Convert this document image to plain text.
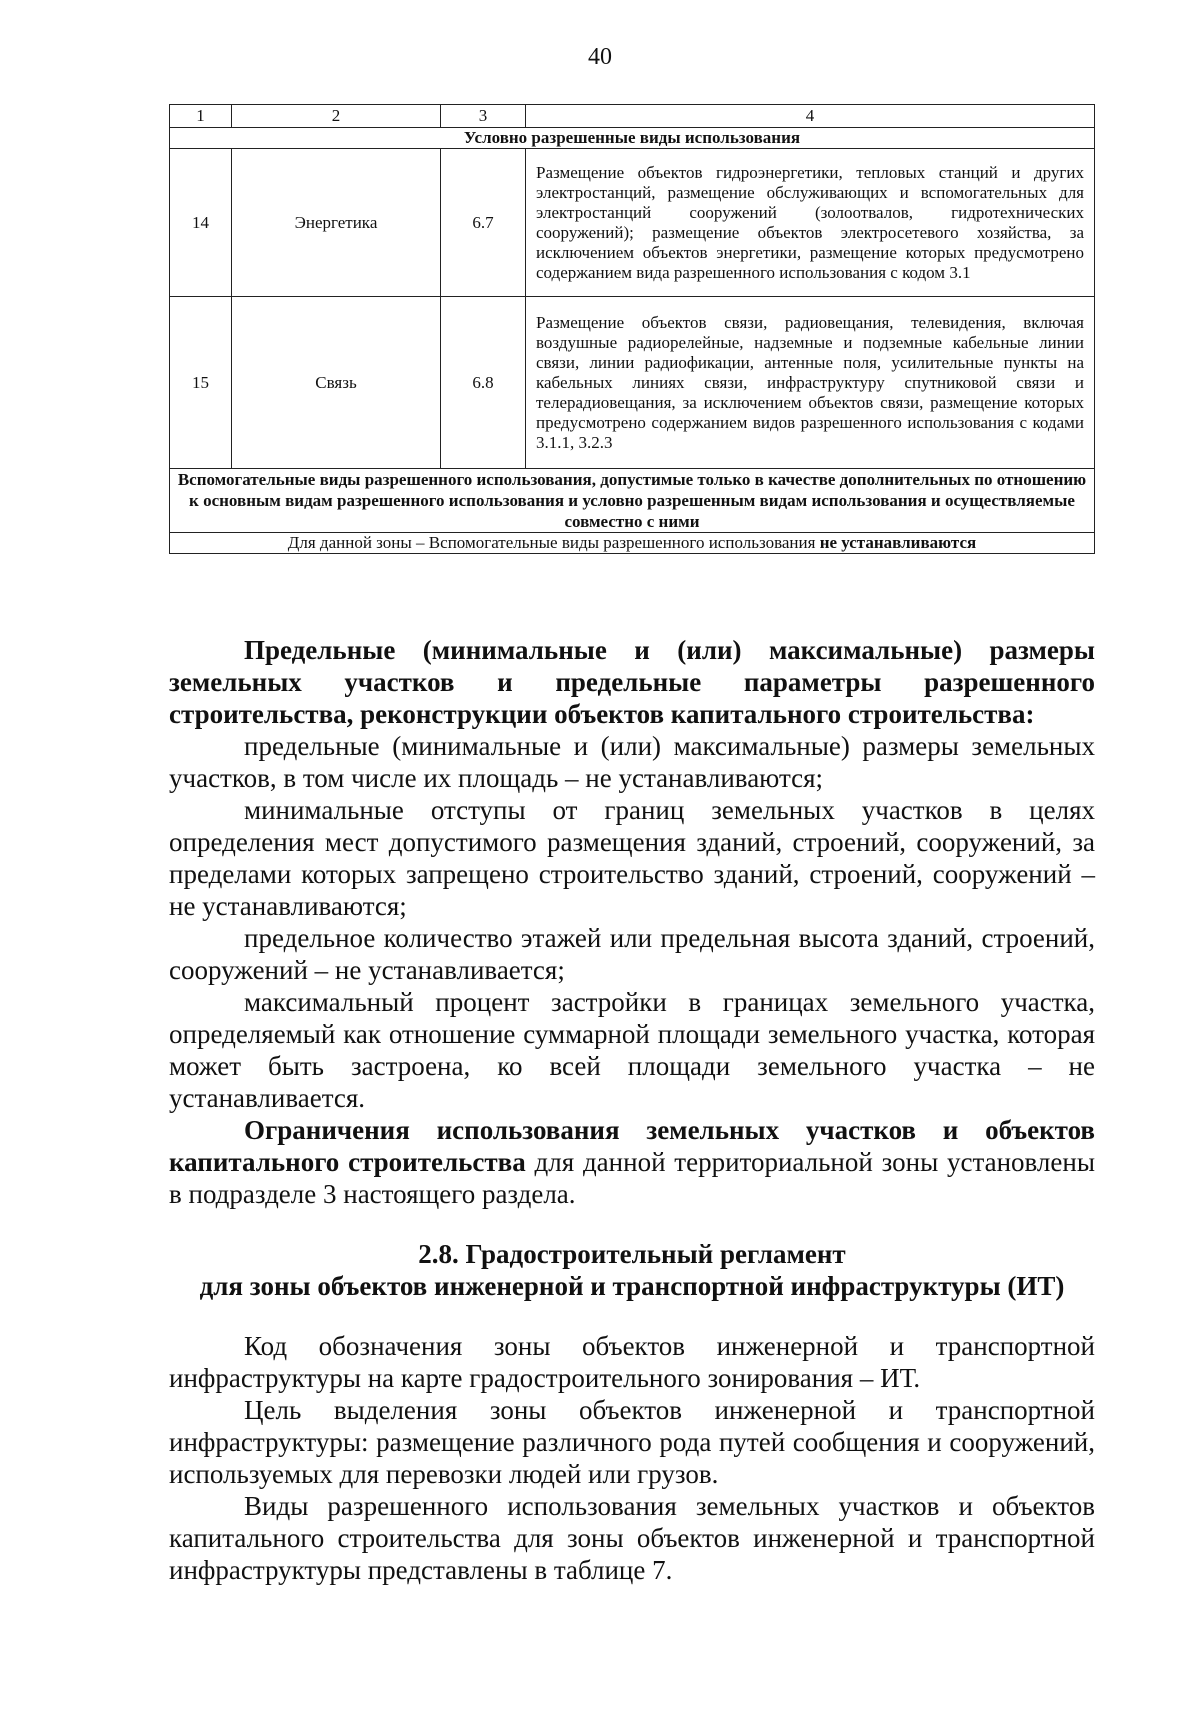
40
1	2	3	4
Условно разрешенные виды использования			
14	Энергетика	6.7	Размещение объектов гидроэнергетики, тепловых станций и других электростанций, размещение обслуживающих и вспомогательных для электростанций сооружений (золоотвалов, гидротехнических сооружений); размещение объектов электросетевого хозяйства, за исключением объектов энергетики, размещение которых предусмотрено содержанием вида разрешенного использования с кодом 3.1
15	Связь	6.8	Размещение объектов связи, радиовещания, телевидения, включая воздушные радиорелейные, надземные и подземные кабельные линии связи, линии радиофикации, антенные поля, усилительные пункты на кабельных линиях связи, инфраструктуру спутниковой связи и телерадиовещания, за исключением объектов связи, размещение которых предусмотрено содержанием видов разрешенного использования с кодами 3.1.1, 3.2.3
Вспомогательные виды разрешенного использования, допустимые только в качестве дополнительных по отношению к основным видам разрешенного использования и условно разрешенным видам использования и осуществляемые совместно с ними			
Для данной зоны – Вспомогательные виды разрешенного использования не устанавливаются			

Предельные (минимальные и (или) максимальные) размеры земельных участков и предельные параметры разрешенного строительства, реконструкции объектов капитального строительства:

предельные (минимальные и (или) максимальные) размеры земельных участков, в том числе их площадь – не устанавливаются;

минимальные отступы от границ земельных участков в целях определения мест допустимого размещения зданий, строений, сооружений, за пределами которых запрещено строительство зданий, строений, сооружений – не устанавливаются;

предельное количество этажей или предельная высота зданий, строений, сооружений – не устанавливается;

максимальный процент застройки в границах земельного участка, определяемый как отношение суммарной площади земельного участка, которая может быть застроена, ко всей площади земельного участка – не устанавливается.

Ограничения использования земельных участков и объектов капитального строительства для данной территориальной зоны установлены в подразделе 3 настоящего раздела.

2.8. Градостроительный регламент

для зоны объектов инженерной и транспортной инфраструктуры (ИТ)

Код обозначения зоны объектов инженерной и транспортной инфраструктуры на карте градостроительного зонирования – ИТ.

Цель выделения зоны объектов инженерной и транспортной инфраструктуры: размещение различного рода путей сообщения и сооружений, используемых для перевозки людей или грузов.

Виды разрешенного использования земельных участков и объектов капитального строительства для зоны объектов инженерной и транспортной инфраструктуры представлены в таблице 7.
